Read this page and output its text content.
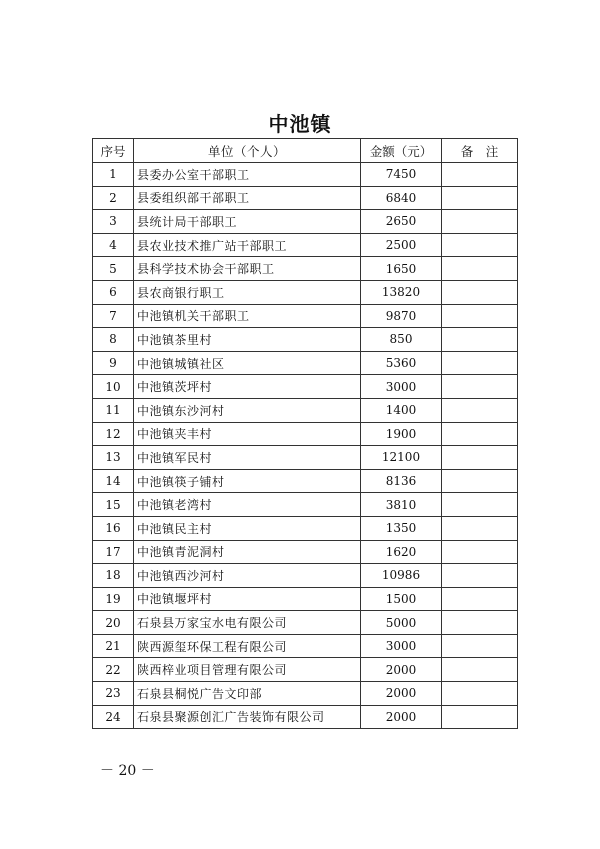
中池镇
序号	单位（个人）	金额（元）	备　注
1	县委办公室干部职工	7450	
2	县委组织部干部职工	6840	
3	县统计局干部职工	2650	
4	县农业技术推广站干部职工	2500	
5	县科学技术协会干部职工	1650	
6	县农商银行职工	13820	
7	中池镇机关干部职工	9870	
8	中池镇茶里村	850	
9	中池镇城镇社区	5360	
10	中池镇茨坪村	3000	
11	中池镇东沙河村	1400	
12	中池镇夹丰村	1900	
13	中池镇军民村	12100	
14	中池镇筷子铺村	8136	
15	中池镇老湾村	3810	
16	中池镇民主村	1350	
17	中池镇青泥洞村	1620	
18	中池镇西沙河村	10986	
19	中池镇堰坪村	1500	
20	石泉县万家宝水电有限公司	5000	
21	陕西源玺环保工程有限公司	3000	
22	陕西梓业项目管理有限公司	2000	
23	石泉县桐悦广告文印部	2000	
24	石泉县聚源创汇广告装饰有限公司	2000	
－ 20 －
